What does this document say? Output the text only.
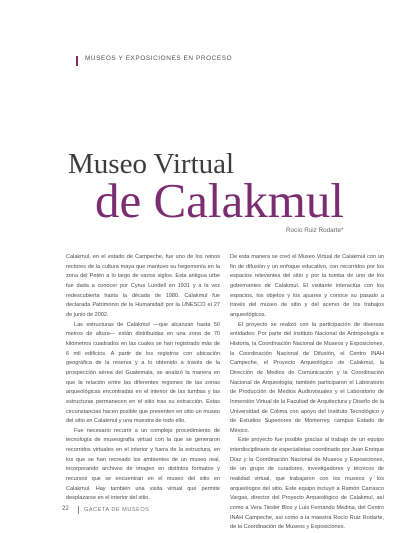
MUSEOS Y EXPOSICIONES EN PROCESO
Museo Virtual
de Calakmul
Rocío Ruiz Rodarte*

Calakmul, en el estado de Campeche, fue uno de los reinos rectores de la cultura maya que mantuvo su hegemonía en la zona del Petén a lo largo de varios siglos. Esta antigua urbe fue dada a conocer por Cyrus Lundell en 1931 y a la vez redescubierta hasta la década de 1980. Calakmul fue declarada Patrimonio de la Humanidad por la UNESCO el 27 de junio de 2002.

Las estructuras de Calakmul —que alcanzan hasta 50 metros de altura— están distribuidas en una zona de 70 kilómetros cuadrados en las cuales se han registrado más de 6 mil edificios. A partir de los registros con ubicación geográfica de la reserva y a lo obtenido a través de la prospección aérea del Guatemala, se analizó la manera en que la relación entre las diferentes regiones de las zonas arqueológicas encontradas en el interior de las tumbas y las estructuras permanecen en el sitio tras su extracción. Estas circunstancias hacen posible que presenten en sitio un museo del sitio en Calakmul y una muestra de todo ello.

Fue necesario recurrir a un complejo procedimiento de tecnología de museografía virtual con la que se generaron recorridos virtuales en el interior y fuera de la estructura, en los que se han recreado los ambientes de un museo real, incorporando archivos de imagen en distintos formatos y recursos que se encuentran en el museo del sitio en Calakmul. Hay también una visita virtual que permite desplazarse en el interior del sitio.

De esta manera se creó el Museo Virtual de Calakmul con un fin de difusión y un enfoque educativo, con recorridos por los espacios relevantes del sitio y por la tumba de uno de los gobernantes de Calakmul. El visitante interactúa con los espacios, los objetos y los ajuares y conoce su pasado a través del museo de sitio y del acervo de los trabajos arqueológicos.

El proyecto se realizó con la participación de diversas entidades: Por parte del Instituto Nacional de Antropología e Historia, la Coordinación Nacional de Museos y Exposiciones, la Coordinación Nacional de Difusión, el Centro INAH Campeche, el Proyecto Arqueológico de Calakmul, la Dirección de Medios de Comunicación y la Coordinación Nacional de Arqueología; también participaron el Laboratorio de Producción de Medios Audiovisuales y el Laboratorio de Inmersión Virtual de la Facultad de Arquitectura y Diseño de la Universidad de Colima con apoyo del Instituto Tecnológico y de Estudios Superiores de Monterrey, campus Estado de México.

Este proyecto fue posible gracias al trabajo de un equipo interdisciplinario de especialistas coordinado por Juan Enrique Díaz y la Coordinación Nacional de Museos y Exposiciones, de un grupo de curadores, investigadores y técnicos de realidad virtual, que trabajaron con los museos y los arqueólogos del sitio. Este equipo incluyó a Ramón Carrasco Vargas, director del Proyecto Arqueológico de Calakmul, así como a Vera Tiesler Blos y Luis Fernando Medina, del Centro INAH Campeche, así como a la maestra Rocío Ruiz Rodarte, de la Coordinación de Museos y Exposiciones.

22	GACETA DE MUSEOS
